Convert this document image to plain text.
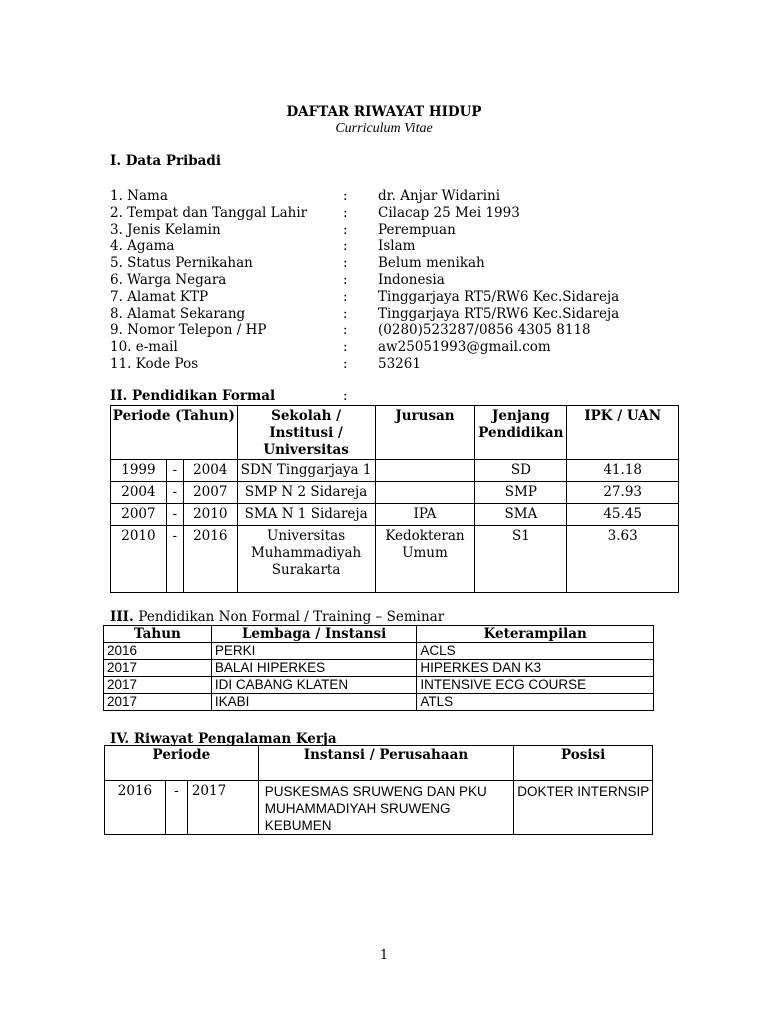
DAFTAR RIWAYAT HIDUP
Curriculum Vitae
I. Data Pribadi
1. Nama	: dr. Anjar Widarini
2. Tempat dan Tanggal Lahir	: Cilacap 25 Mei 1993
3. Jenis Kelamin	: Perempuan
4. Agama	: Islam
5. Status Pernikahan	: Belum menikah
6. Warga Negara	: Indonesia
7. Alamat KTP	: Tinggarjaya RT5/RW6 Kec.Sidareja
8. Alamat Sekarang	: Tinggarjaya RT5/RW6 Kec.Sidareja
9. Nomor Telepon / HP	: (0280)523287/0856 4305 8118
10. e-mail	: aw25051993@gmail.com
11. Kode Pos	: 53261
II. Pendidikan Formal	:
Periode (Tahun)			Sekolah / Institusi / Universitas	Jurusan	Jenjang Pendidikan	IPK / UAN
1999	-	2004	SDN Tinggarjaya 1		SD	41.18
2004	-	2007	SMP N 2 Sidareja		SMP	27.93
2007	-	2010	SMA N 1 Sidareja	IPA	SMA	45.45
2010	-	2016	Universitas Muhammadiyah Surakarta	Kedokteran Umum	S1	3.63
III. Pendidikan Non Formal / Training – Seminar
Tahun	Lembaga / Instansi	Keterampilan
2016	PERKI	ACLS
2017	BALAI HIPERKES	HIPERKES DAN K3
2017	IDI CABANG KLATEN	INTENSIVE ECG COURSE
2017	IKABI	ATLS
IV. Riwayat Pengalaman Kerja
Periode			Instansi / Perusahaan	Posisi
2016	-	2017	PUSKESMAS SRUWENG DAN PKU MUHAMMADIYAH SRUWENG KEBUMEN	DOKTER INTERNSIP
1
